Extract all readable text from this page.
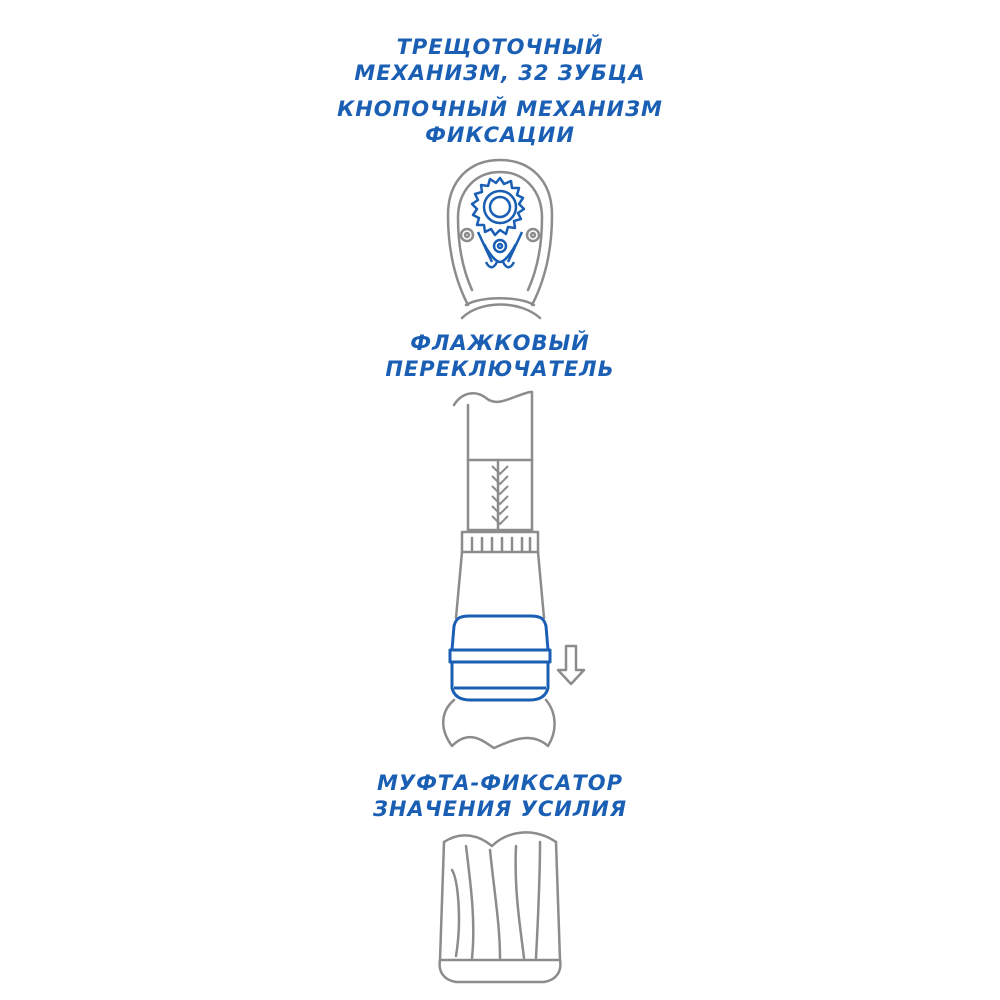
ТРЕЩОТОЧНЫЙ
МЕХАНИЗМ, 32 ЗУБЦА
КНОПОЧНЫЙ МЕХАНИЗМ
ФИКСАЦИИ
ФЛАЖКОВЫЙ
ПЕРЕКЛЮЧАТЕЛЬ
МУФТА-ФИКСАТОР
ЗНАЧЕНИЯ УСИЛИЯ
